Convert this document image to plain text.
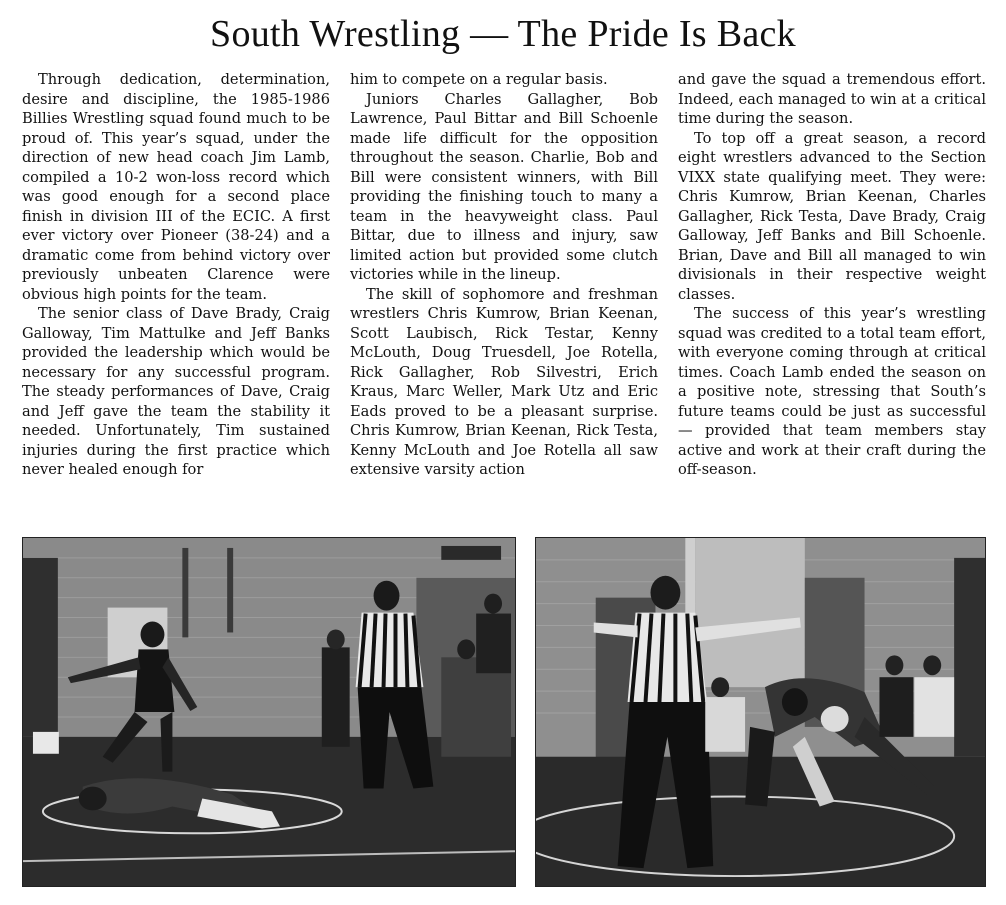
South Wrestling — The Pride Is Back

Through dedication, determination, desire and discipline, the 1985-1986 Billies Wrestling squad found much to be proud of. This year’s squad, under the direction of new head coach Jim Lamb, compiled a 10-2 won-loss record which was good enough for a second place finish in division III of the ECIC. A first ever victory over Pioneer (38-24) and a dramatic come from behind victory over previously unbeaten Clarence were obvious high points for the team.

The senior class of Dave Brady, Craig Galloway, Tim Mattulke and Jeff Banks provided the leadership which would be necessary for any successful program. The steady performances of Dave, Craig and Jeff gave the team the stability it needed. Unfortunately, Tim sustained injuries during the first practice which never healed enough for

him to compete on a regular basis.

Juniors Charles Gallagher, Bob Lawrence, Paul Bittar and Bill Schoenle made life difficult for the opposition throughout the season. Charlie, Bob and Bill were consistent winners, with Bill providing the finishing touch to many a team in the heavyweight class. Paul Bittar, due to illness and injury, saw limited action but provided some clutch victories while in the lineup.

The skill of sophomore and freshman wrestlers Chris Kumrow, Brian Keenan, Scott Laubisch, Rick Testar, Kenny McLouth, Doug Truesdell, Joe Rotella, Rick Gallagher, Rob Silvestri, Erich Kraus, Marc Weller, Mark Utz and Eric Eads proved to be a pleasant surprise. Chris Kumrow, Brian Keenan, Rick Testa, Kenny McLouth and Joe Rotella all saw extensive varsity action

and gave the squad a tremendous effort. Indeed, each managed to win at a critical time during the season.

To top off a great season, a record eight wrestlers advanced to the Section VIXX state qualifying meet. They were: Chris Kumrow, Brian Keenan, Charles Gallagher, Rick Testa, Dave Brady, Craig Galloway, Jeff Banks and Bill Schoenle. Brian, Dave and Bill all managed to win divisionals in their respective weight classes.

The success of this year’s wrestling squad was credited to a total team effort, with everyone coming through at critical times. Coach Lamb ended the season on a positive note, stressing that South’s future teams could be just as successful — provided that team members stay active and work at their craft during the off-season.
